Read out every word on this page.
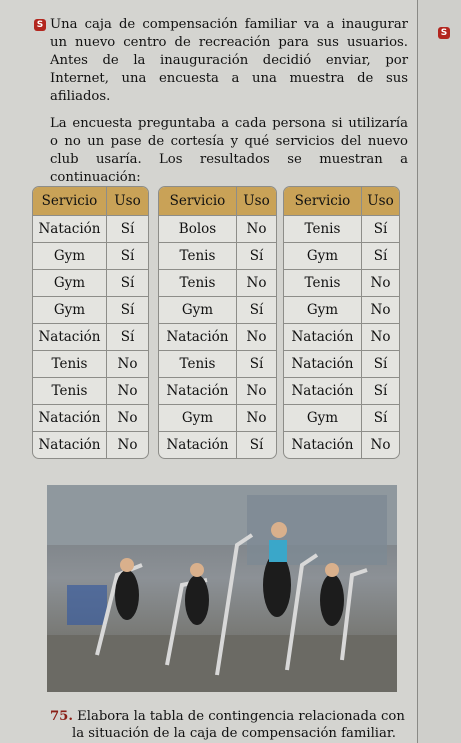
S
S Una caja de compensación familiar va a inaugurar un nuevo centro de recreación para sus usuarios. Antes de la inauguración decidió enviar, por Internet, una encuesta a una muestra de sus afiliados.

La encuesta preguntaba a cada persona si utilizaría o no un pase de cortesía y qué servicios del nuevo club usaría. Los resultados se muestran a continuación:

Servicio	Uso
Natación	Sí
Gym	Sí
Gym	Sí
Gym	Sí
Natación	Sí
Tenis	No
Tenis	No
Natación	No
Natación	No
Servicio	Uso
Bolos	No
Tenis	Sí
Tenis	No
Gym	Sí
Natación	No
Tenis	Sí
Natación	No
Gym	No
Natación	Sí
Servicio	Uso
Tenis	Sí
Gym	Sí
Tenis	No
Gym	No
Natación	No
Natación	Sí
Natación	Sí
Gym	Sí
Natación	No

75. Elabora la tabla de contingencia relacionada con
la situación de la caja de compensación familiar.
